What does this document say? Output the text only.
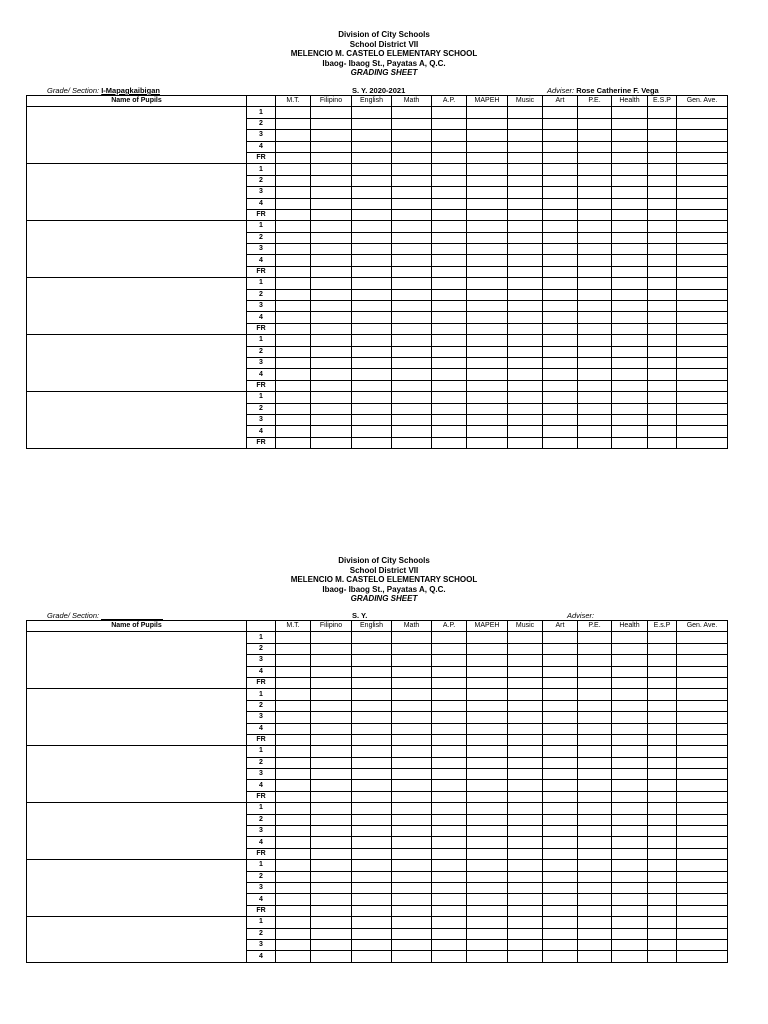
Division of City Schools
School District VII
MELENCIO M. CASTELO ELEMENTARY SCHOOL
Ibaog- Ibaog St., Payatas A, Q.C.
GRADING SHEET
Grade/ Section: I-Mapagkaibigan	S. Y. 2020-2021	Adviser: Rose Catherine F. Vega
Name of Pupils		M.T.	Filipino	English	Math	A.P.	MAPEH	Music	Art	P.E.	Health	E.S.P	Gen. Ave.
	1												
	2												
	3												
	4												
	FR												
	1												
	2												
	3												
	4												
	FR												
	1												
	2												
	3												
	4												
	FR												
	1												
	2												
	3												
	4												
	FR												
	1												
	2												
	3												
	4												
	FR												
	1												
	2												
	3												
	4												
	FR												
Division of City Schools
School District VII
MELENCIO M. CASTELO ELEMENTARY SCHOOL
Ibaog- Ibaog St., Payatas A, Q.C.
GRADING SHEET
Grade/ Section:	S. Y.	Adviser:
Name of Pupils		M.T.	Filipino	English	Math	A.P.	MAPEH	Music	Art	P.E.	Health	E.s.P	Gen. Ave.
	1												
	2												
	3												
	4												
	FR												
	1												
	2												
	3												
	4												
	FR												
	1												
	2												
	3												
	4												
	FR												
	1												
	2												
	3												
	4												
	FR												
	1												
	2												
	3												
	4												
	FR												
	1												
	2												
	3												
	4												
